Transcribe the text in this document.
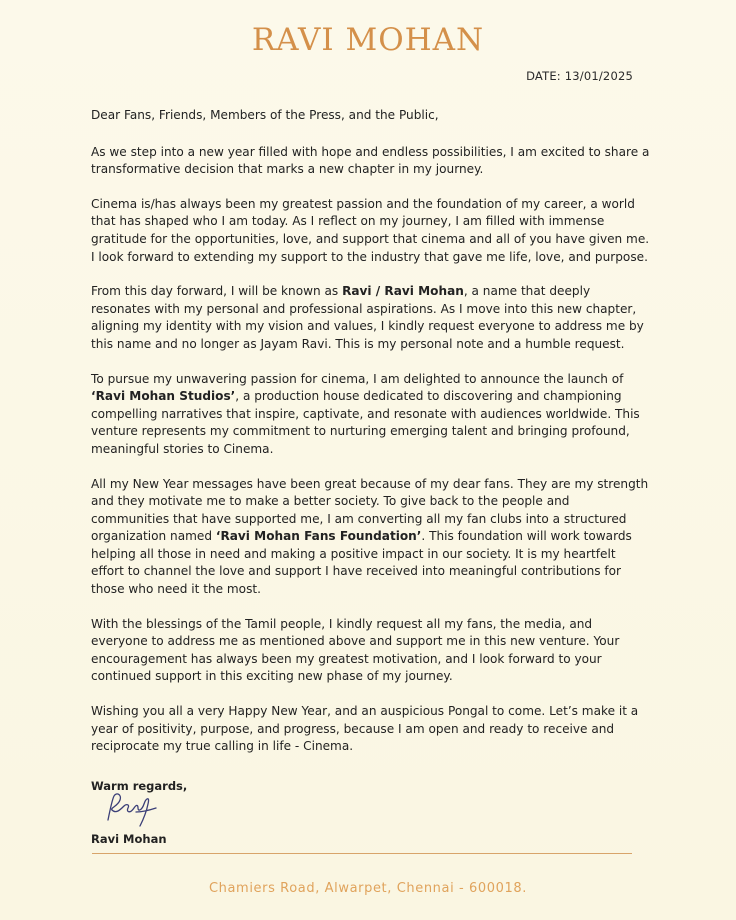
RAVI MOHAN
DATE: 13/01/2025

Dear Fans, Friends, Members of the Press, and the Public,

As we step into a new year filled with hope and endless possibilities, I am excited to share a transformative decision that marks a new chapter in my journey.

Cinema is/has always been my greatest passion and the foundation of my career, a world that has shaped who I am today. As I reflect on my journey, I am filled with immense gratitude for the opportunities, love, and support that cinema and all of you have given me. I look forward to extending my support to the industry that gave me life, love, and purpose.

From this day forward, I will be known as Ravi / Ravi Mohan, a name that deeply resonates with my personal and professional aspirations. As I move into this new chapter, aligning my identity with my vision and values, I kindly request everyone to address me by this name and no longer as Jayam Ravi. This is my personal note and a humble request.

To pursue my unwavering passion for cinema, I am delighted to announce the launch of ‘Ravi Mohan Studios’, a production house dedicated to discovering and championing compelling narratives that inspire, captivate, and resonate with audiences worldwide. This venture represents my commitment to nurturing emerging talent and bringing profound, meaningful stories to Cinema.

All my New Year messages have been great because of my dear fans. They are my strength and they motivate me to make a better society. To give back to the people and communities that have supported me, I am converting all my fan clubs into a structured organization named ‘Ravi Mohan Fans Foundation’. This foundation will work towards helping all those in need and making a positive impact in our society. It is my heartfelt effort to channel the love and support I have received into meaningful contributions for those who need it the most.

With the blessings of the Tamil people, I kindly request all my fans, the media, and everyone to address me as mentioned above and support me in this new venture. Your encouragement has always been my greatest motivation, and I look forward to your continued support in this exciting new phase of my journey.

Wishing you all a very Happy New Year, and an auspicious Pongal to come. Let’s make it a year of positivity, purpose, and progress, because I am open and ready to receive and reciprocate my true calling in life - Cinema.

Warm regards,
Ravi Mohan
Chamiers Road, Alwarpet, Chennai - 600018.
